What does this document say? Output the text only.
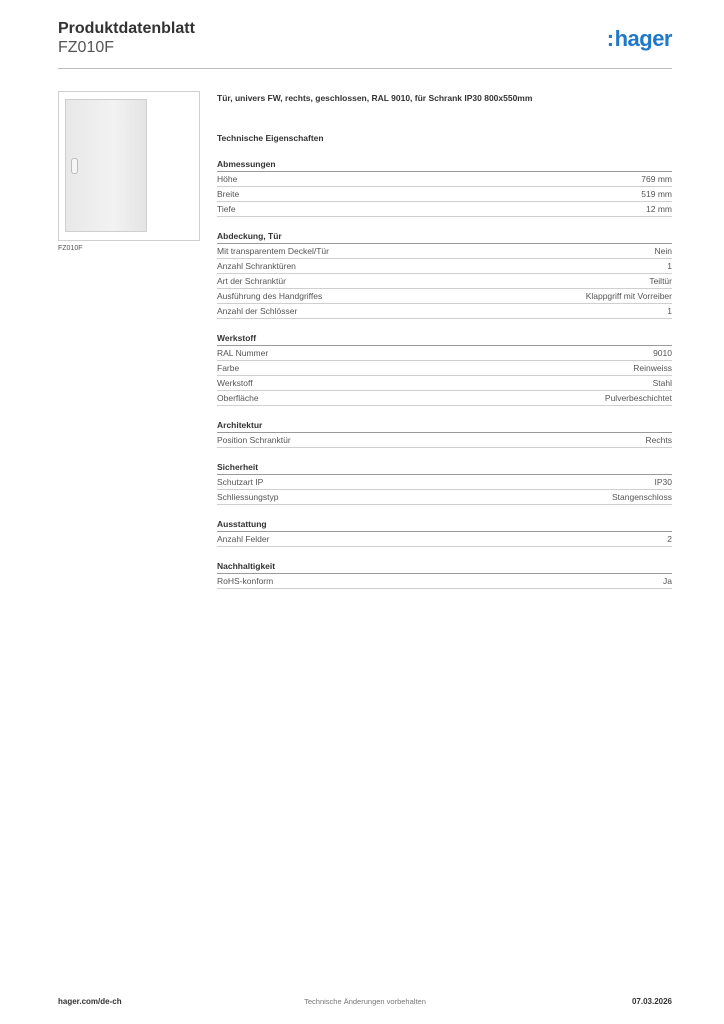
Produktdatenblatt
FZ010F	:hager
FZ010F
Tür, univers FW, rechts, geschlossen, RAL 9010, für Schrank IP30 800x550mm
Technische Eigenschaften
Abmessungen
Höhe	769 mm
Breite	519 mm
Tiefe	12 mm
Abdeckung, Tür
Mit transparentem Deckel/Tür	Nein
Anzahl Schranktüren	1
Art der Schranktür	Teiltür
Ausführung des Handgriffes	Klappgriff mit Vorreiber
Anzahl der Schlösser	1
Werkstoff
RAL Nummer	9010
Farbe	Reinweiss
Werkstoff	Stahl
Oberfläche	Pulverbeschichtet
Architektur
Position Schranktür	Rechts
Sicherheit
Schutzart IP	IP30
Schliessungstyp	Stangenschloss
Ausstattung
Anzahl Felder	2
Nachhaltigkeit
RoHS-konform	Ja
hager.com/de-ch	Technische Änderungen vorbehalten	07.03.2026
